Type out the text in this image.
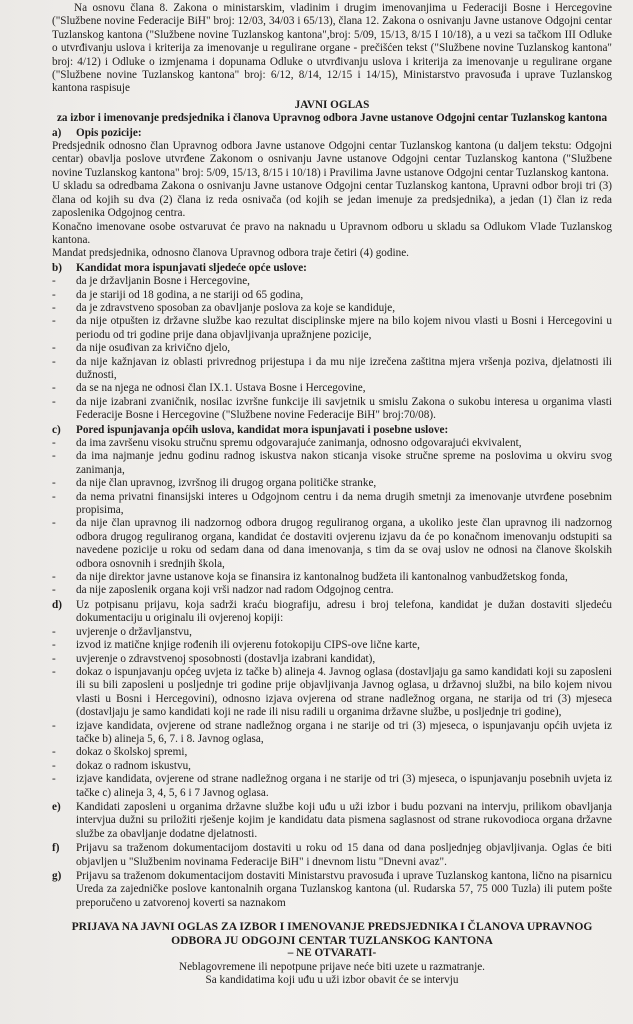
Na osnovu člana 8. Zakona o ministarskim, vladinim i drugim imenovanjima u Federaciji Bosne i Hercegovine ("Službene novine Federacije BiH" broj: 12/03, 34/03 i 65/13), člana 12. Zakona o osnivanju Javne ustanove Odgojni centar Tuzlanskog kantona ("Službene novine Tuzlanskog kantona",broj: 5/09, 15/13, 8/15 I 10/18), a u vezi sa tačkom III Odluke o utvrđivanju uslova i kriterija za imenovanje u regulirane organe - prečišćen tekst ("Službene novine Tuzlanskog kantona" broj: 4/12) i Odluke o izmjenama i dopunama Odluke o utvrđivanju uslova i kriterija za imenovanje u regulirane organe ("Službene novine Tuzlanskog kantona" broj: 6/12, 8/14, 12/15 i 14/15), Ministarstvo pravosuđa i uprave Tuzlanskog kantona raspisuje

JAVNI OGLAS

za izbor i imenovanje predsjednika i članova Upravnog odbora Javne ustanove Odgojni centar Tuzlanskog kantona

a)	Opis pozicije:

Predsjednik odnosno član Upravnog odbora Javne ustanove Odgojni centar Tuzlanskog kantona (u daljem tekstu: Odgojni centar) obavlja poslove utvrđene Zakonom o osnivanju Javne ustanove Odgojni centar Tuzlanskog kantona ("Službene novine Tuzlanskog kantona" broj: 5/09, 15/13, 8/15 i 10/18) i Pravilima Javne ustanove Odgojni centar Tuzlanskog kantona.

U skladu sa odredbama Zakona o osnivanju Javne ustanove Odgojni centar Tuzlanskog kantona, Upravni odbor broji tri (3) člana od kojih su dva (2) člana iz reda osnivača (od kojih se jedan imenuje za predsjednika), a jedan (1) član iz reda zaposlenika Odgojnog centra.

Konačno imenovane osobe ostvaruvat će pravo na naknadu u Upravnom odboru u skladu sa Odlukom Vlade Tuzlanskog kantona.

Mandat predsjednika, odnosno članova Upravnog odbora traje četiri (4) godine.

b)	Kandidat mora ispunjavati sljedeće opće uslove:
-	da je državljanin Bosne i Hercegovine,
-	da je stariji od 18 godina, a ne stariji od 65 godina,
-	da je zdravstveno sposoban za obavljanje poslova za koje se kandiduje,
-	da nije otpušten iz državne službe kao rezultat disciplinske mjere na bilo kojem nivou vlasti u Bosni i Hercegovini u periodu od tri godine prije dana objavljivanja upražnjene pozicije,
-	da nije osuđivan za krivično djelo,
-	da nije kažnjavan iz oblasti privrednog prijestupa i da mu nije izrečena zaštitna mjera vršenja poziva, djelatnosti ili dužnosti,
-	da se na njega ne odnosi član IX.1. Ustava Bosne i Hercegovine,
-	da nije izabrani zvaničnik, nosilac izvršne funkcije ili savjetnik u smislu Zakona o sukobu interesa u organima vlasti Federacije Bosne i Hercegovine ("Službene novine Federacije BiH" broj:70/08).
c)	Pored ispunjavanja općih uslova, kandidat mora ispunjavati i posebne uslove:
-	da ima završenu visoku stručnu spremu odgovarajuće zanimanja, odnosno odgovarajući ekvivalent,
-	da ima najmanje jednu godinu radnog iskustva nakon sticanja visoke stručne spreme na poslovima u okviru svog zanimanja,
-	da nije član upravnog, izvršnog ili drugog organa političke stranke,
-	da nema privatni finansijski interes u Odgojnom centru i da nema drugih smetnji za imenovanje utvrđene posebnim propisima,
-	da nije član upravnog ili nadzornog odbora drugog reguliranog organa, a ukoliko jeste član upravnog ili nadzornog odbora drugog reguliranog organa, kandidat će dostaviti ovjerenu izjavu da će po konačnom imenovanju odstupiti sa navedene pozicije u roku od sedam dana od dana imenovanja, s tim da se ovaj uslov ne odnosi na članove školskih odbora osnovnih i srednjih škola,
-	da nije direktor javne ustanove koja se finansira iz kantonalnog budžeta ili kantonalnog vanbudžetskog fonda,
-	da nije zaposlenik organa koji vrši nadzor nad radom Odgojnog centra.
d)	Uz potpisanu prijavu, koja sadrži kraću biografiju, adresu i broj telefona, kandidat je dužan dostaviti sljedeću dokumentaciju u originalu ili ovjerenoj kopiji:
-	uvjerenje o državljanstvu,
-	izvod iz matične knjige rođenih ili ovjerenu fotokopiju CIPS-ove lične karte,
-	uvjerenje o zdravstvenoj sposobnosti (dostavlja izabrani kandidat),
-	dokaz o ispunjavanju općeg uvjeta iz tačke b) alineja 4. Javnog oglasa (dostavljaju ga samo kandidati koji su zaposleni ili su bili zaposleni u posljednje tri godine prije objavljivanja Javnog oglasa, u državnoj službi, na bilo kojem nivou vlasti u Bosni i Hercegovini), odnosno izjava ovjerena od strane nadležnog organa, ne starija od tri (3) mjeseca (dostavljaju je samo kandidati koji ne rade ili nisu radili u organima državne službe, u posljednje tri godine),
-	izjave kandidata, ovjerene od strane nadležnog organa i ne starije od tri (3) mjeseca, o ispunjavanju općih uvjeta iz tačke b) alineja 5, 6, 7. i 8. Javnog oglasa,
-	dokaz o školskoj spremi,
-	dokaz o radnom iskustvu,
-	izjave kandidata, ovjerene od strane nadležnog organa i ne starije od tri (3) mjeseca, o ispunjavanju posebnih uvjeta iz tačke c) alineja 3, 4, 5, 6 i 7 Javnog oglasa.
e)	Kandidati zaposleni u organima državne službe koji uđu u uži izbor i budu pozvani na intervju, prilikom obavljanja intervjua dužni su priložiti rješenje kojim je kandidatu data pismena saglasnost od strane rukovodioca organa državne službe za obavljanje dodatne djelatnosti.
f)	Prijavu sa traženom dokumentacijom dostaviti u roku od 15 dana od dana posljednjeg objavljivanja. Oglas će biti objavljen u "Službenim novinama Federacije BiH" i dnevnom listu "Dnevni avaz".
g)	Prijavu sa traženom dokumentacijom dostaviti Ministarstvu pravosuđa i uprave Tuzlanskog kantona, lično na pisarnicu Ureda za zajedničke poslove kantonalnih organa Tuzlanskog kantona (ul. Rudarska 57, 75 000 Tuzla) ili putem pošte preporučeno u zatvorenoj koverti sa naznakom

PRIJAVA NA JAVNI OGLAS ZA IZBOR I IMENOVANJE PREDSJEDNIKA I ČLANOVA UPRAVNOG ODBORA JU ODGOJNI CENTAR TUZLANSKOG KANTONA

– NE OTVARATI-

Neblagovremene ili nepotpune prijave neće biti uzete u razmatranje.

Sa kandidatima koji uđu u uži izbor obavit će se intervju
